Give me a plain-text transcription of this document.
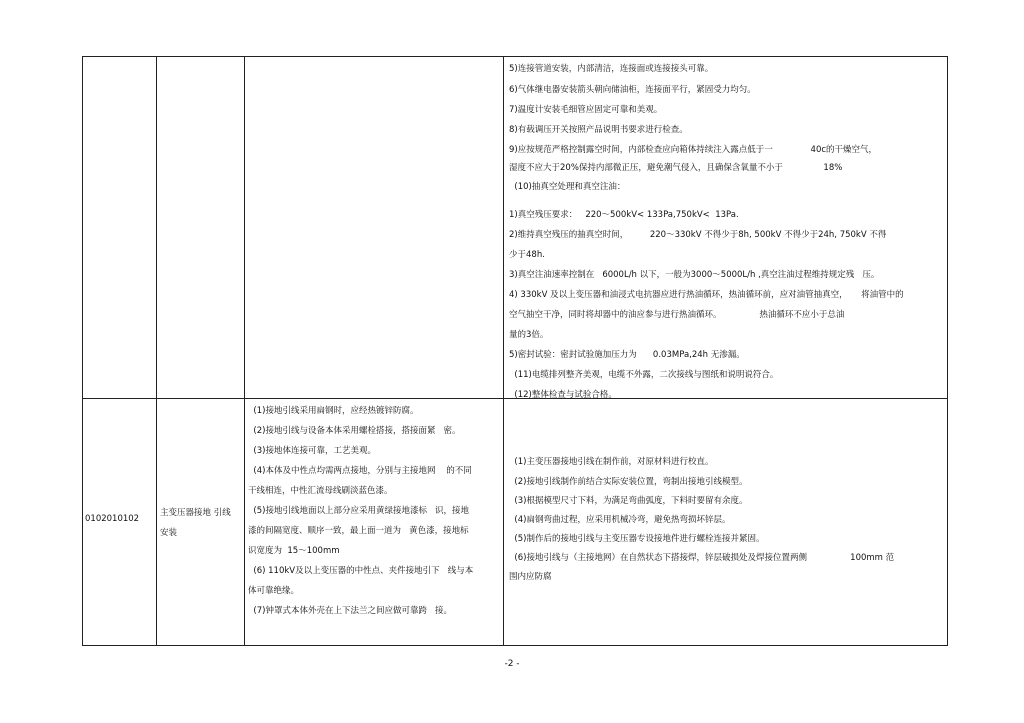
5)连接管道安装，内部清洁，连接面或连接接头可靠。
6)气体继电器安装箭头朝向储油柜，连接面平行，紧固受力均匀。
7)温度计安装毛细管应固定可靠和美观。
8)有载调压开关按照产品说明书要求进行检查。
9)应按规范严格控制露空时间，内部检查应向箱体持续注入露点低于一              40c的干燥空气，
湿度不应大于20%保持内部微正压，避免潮气侵入，且确保含氧量不小于               18%
(10)抽真空处理和真空注油：
1)真空残压要求：   220～500kV< 133Pa,750kV<  13Pa.
2)维持真空残压的抽真空时间，        220～330kV 不得少于8h, 500kV 不得少于24h, 750kV 不得
少于48h.
3)真空注油速率控制在   6000L/h 以下，一般为3000～5000L/h ,真空注油过程维持规定残   压。
4) 330kV 及以上变压器和油浸式电抗器应进行热油循环，热油循环前，应对油管抽真空，     将油管中的
空气抽空干净，同时将却器中的油应参与进行热油循环。              热油循环不应小于总油
量的3倍。
5)密封试验：密封试验施加压力为      0.03MPa,24h 无渗漏。
(11)电缆排列整齐美观，电缆不外露，二次接线与图纸和说明说符合。
(12)整体检查与试验合格。
0102010102
主变压器接地 引线
安装
(1)接地引线采用扁钢时，应经热镀锌防腐。
(2)接地引线与设备本体采用螺栓搭接，搭接面紧   密。
(3)接地体连接可靠，工艺美观。
(4)本体及中性点均需两点接地，分别与主接地网    的不同
干线相连，中性汇流母线刷淡蓝色漆。
(5)接地引线地面以上部分应采用黄绿接地漆标   识，接地
漆的间隔宽度、顺序一致，最上面一道为   黄色漆，接地标
识宽度为  15～100mm
(6) 110kV及以上变压器的中性点、夹件接地引下   线与本
体可靠绝缘。
(7)钟罩式本体外壳在上下法兰之间应做可靠跨   接。
(1)主变压器接地引线在制作前，对原材料进行校直。
(2)接地引线制作前结合实际安装位置，弯制出接地引线模型。
(3)根据模型尺寸下料，为满足弯曲弧度，下料时要留有余度。
(4)扁钢弯曲过程，应采用机械冷弯，避免热弯损坏锌层。
(5)制作后的接地引线与主变压器专设接地件进行螺栓连接并紧固。
(6)接地引线与（主接地网）在自然状态下搭接焊，锌层破损处及焊接位置两侧                100mm 范
围内应防腐
-2 -
